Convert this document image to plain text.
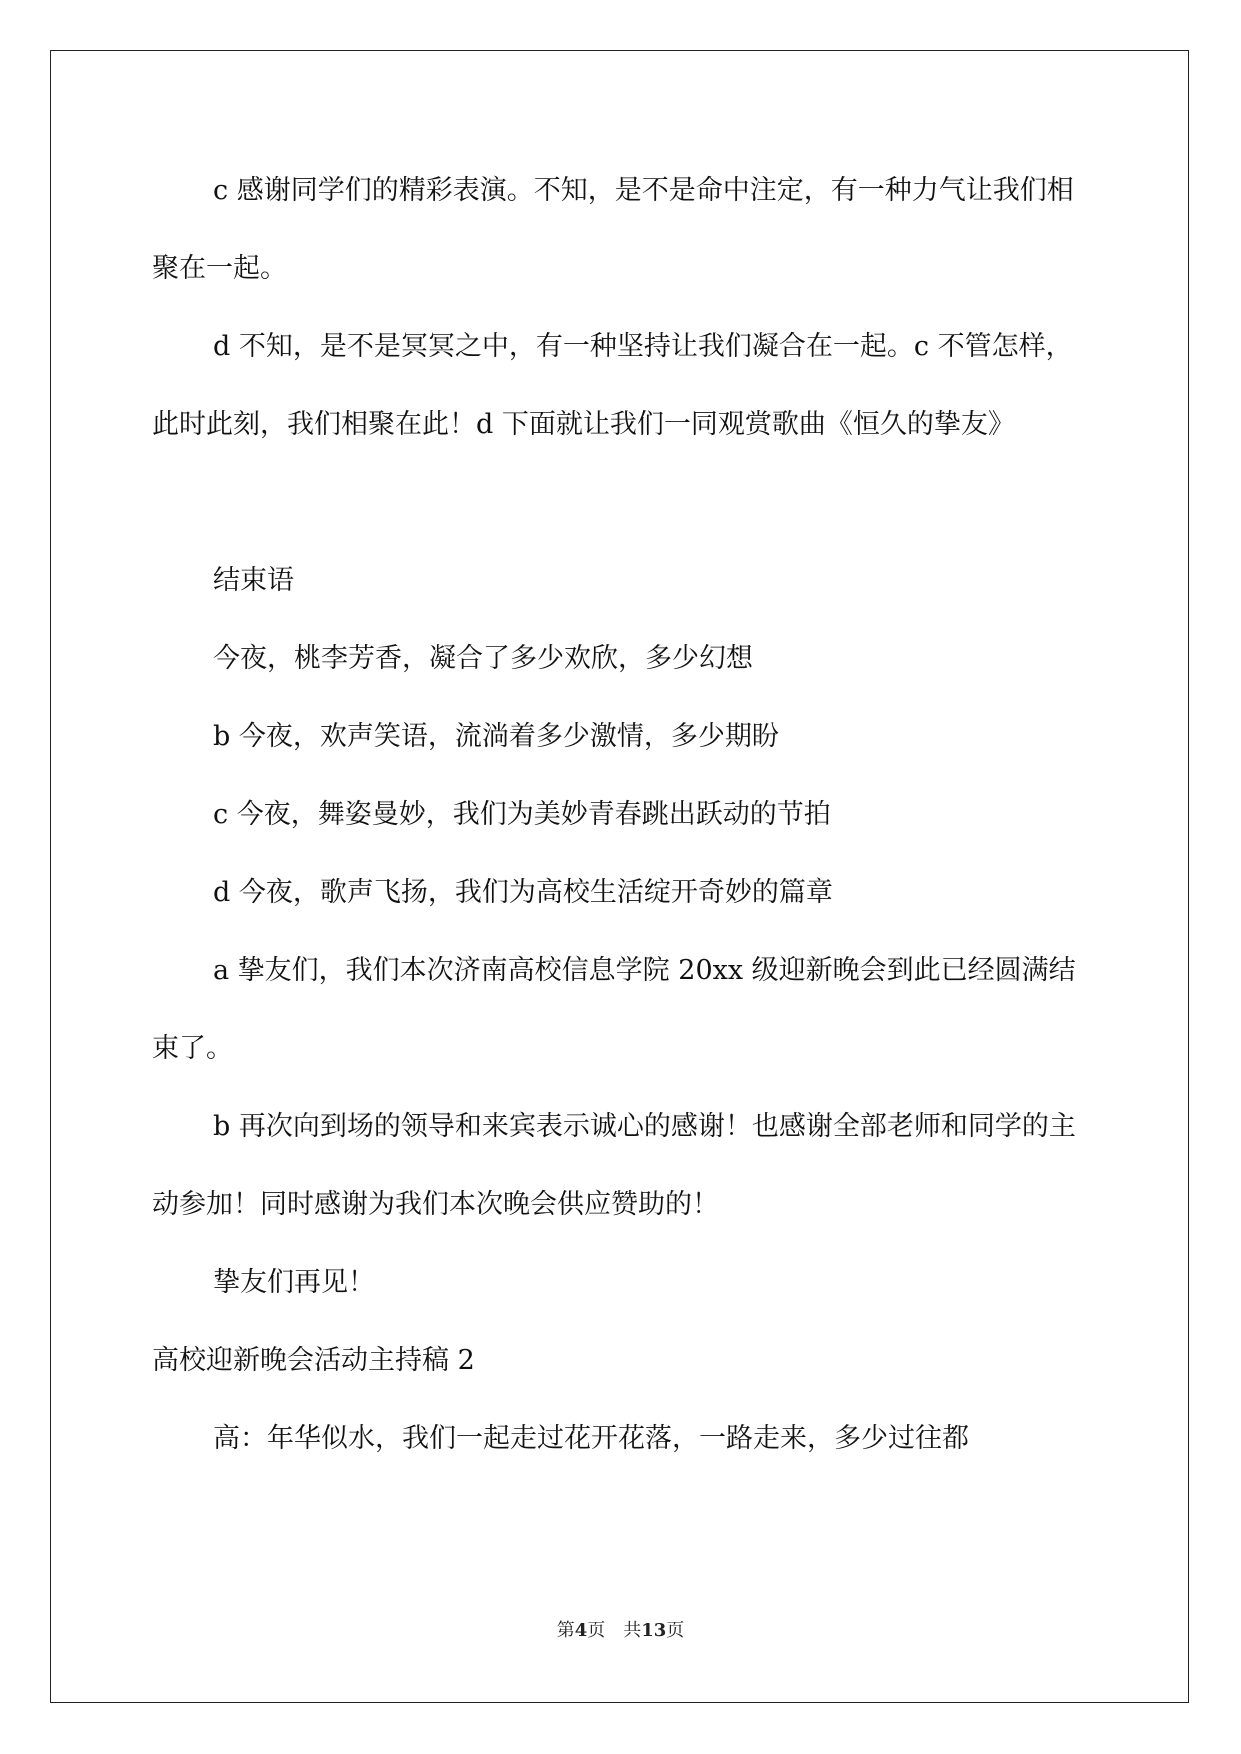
c 感谢同学们的精彩表演。不知，是不是命中注定，有一种力气让我们相聚在一起。

d 不知，是不是冥冥之中，有一种坚持让我们凝合在一起。c 不管怎样，此时此刻，我们相聚在此！d 下面就让我们一同观赏歌曲《恒久的挚友》

结束语

今夜，桃李芳香，凝合了多少欢欣，多少幻想

b 今夜，欢声笑语，流淌着多少激情，多少期盼

c 今夜，舞姿曼妙，我们为美妙青春跳出跃动的节拍

d 今夜，歌声飞扬，我们为高校生活绽开奇妙的篇章

a 挚友们，我们本次济南高校信息学院 20xx 级迎新晚会到此已经圆满结束了。

b 再次向到场的领导和来宾表示诚心的感谢！也感谢全部老师和同学的主动参加！同时感谢为我们本次晚会供应赞助的！

挚友们再见！

高校迎新晚会活动主持稿 2

高：年华似水，我们一起走过花开花落，一路走来，多少过往都

第4页　共13页
